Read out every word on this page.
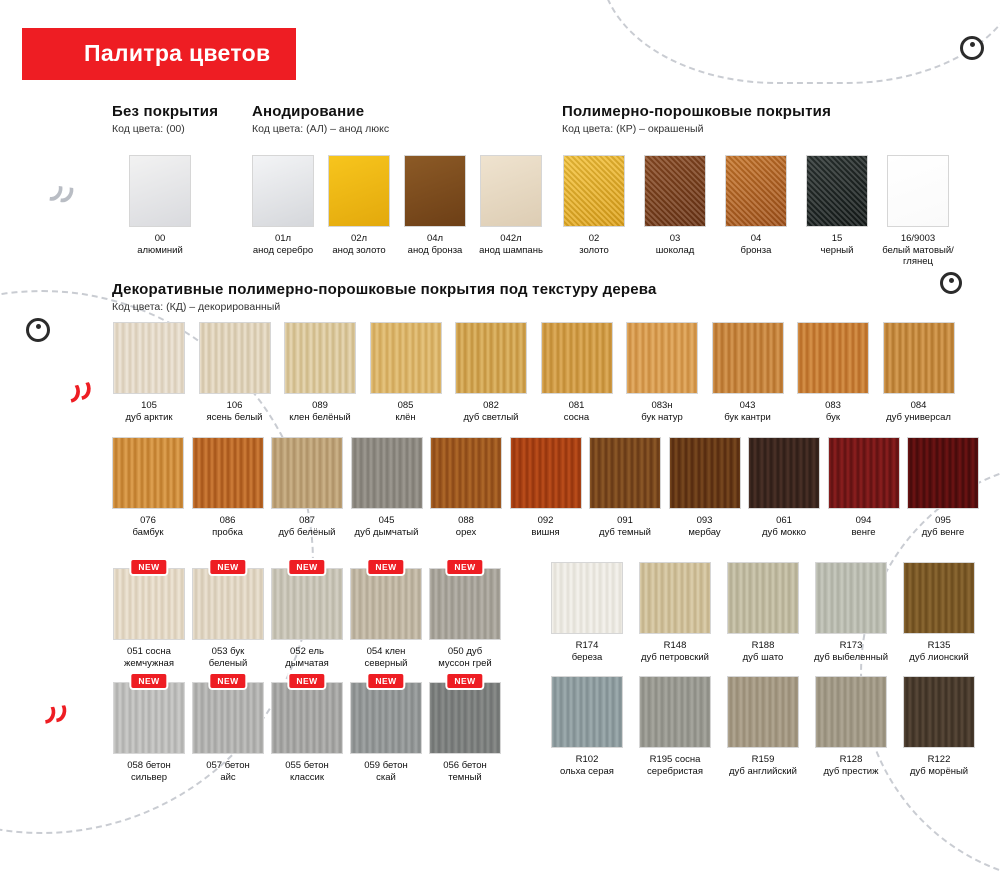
٫٫
٫٫
٫٫
Палитра цветов
Без покрытия
Код цвета: (00)
Анодирование
Код цвета: (АЛ) – анод люкс
Полимерно-порошковые покрытия
Код цвета: (КР) – окрашеный
Декоративные полимерно-порошковые покрытия под текстуру дерева
Код цвета: (КД) – декорированный
00
алюминий
01л
анод серебро
02л
анод золото
04л
анод бронза
042л
анод шампань
02
золото
03
шоколад
04
бронза
15
черный
16/9003
белый матовый/глянец
105
дуб арктик
106
ясень белый
089
клен белёный
085
клён
082
дуб светлый
081
сосна
083н
бук натур
043
бук кантри
083
бук
084
дуб универсал
076
бамбук
086
пробка
087
дуб белёный
045
дуб дымчатый
088
орех
092
вишня
091
дуб темный
093
мербау
061
дуб мокко
094
венге
095
дуб венге
NEW
051 сосна
жемчужная
NEW
053 бук
беленый
NEW
052 ель
дымчатая
NEW
054 клен
северный
NEW
050 дуб
муссон грей
NEW
058 бетон
сильвер
NEW
057 бетон
айс
NEW
055 бетон
классик
NEW
059 бетон
скай
NEW
056 бетон
темный
R174
береза
R148
дуб петровский
R188
дуб шато
R173
дуб выбеленный
R135
дуб лионский
R102
ольха серая
R195 сосна
серебристая
R159
дуб английский
R128
дуб престиж
R122
дуб морёный
